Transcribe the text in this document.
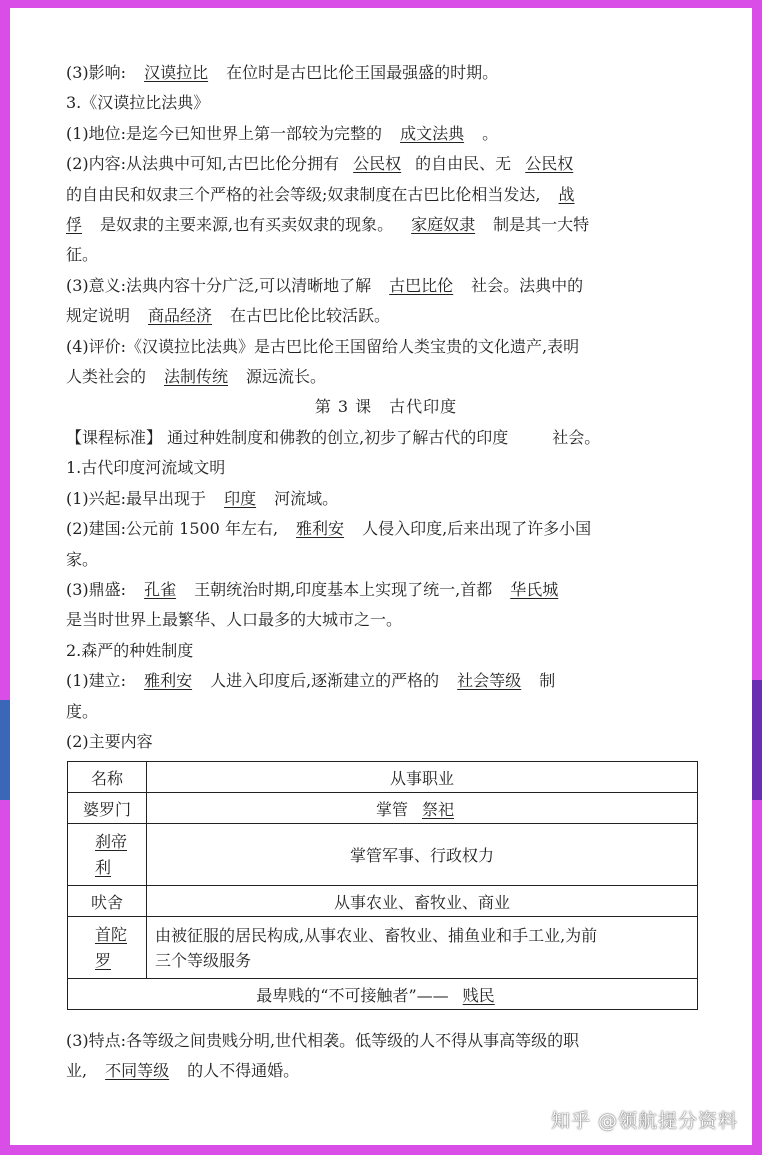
(3)影响: 汉谟拉比 在位时是古巴比伦王国最强盛的时期。
3.《汉谟拉比法典》
(1)地位:是迄今已知世界上第一部较为完整的 成文法典 。
(2)内容:从法典中可知,古巴比伦分拥有 公民权 的自由民、无 公民权
的自由民和奴隶三个严格的社会等级;奴隶制度在古巴比伦相当发达, 战
俘 是奴隶的主要来源,也有买卖奴隶的现象。 家庭奴隶 制是其一大特
征。
(3)意义:法典内容十分广泛,可以清晰地了解 古巴比伦 社会。法典中的
规定说明 商品经济 在古巴比伦比较活跃。
(4)评价:《汉谟拉比法典》是古巴比伦王国留给人类宝贵的文化遗产,表明
人类社会的 法制传统 源远流长。
第 3 课　古代印度
【课程标准】 通过种姓制度和佛教的创立,初步了解古代的印度	社会。
1.古代印度河流域文明
(1)兴起:最早出现于 印度 河流域。
(2)建国:公元前 1500 年左右, 雅利安 人侵入印度,后来出现了许多小国
家。
(3)鼎盛: 孔雀 王朝统治时期,印度基本上实现了统一,首都 华氏城
是当时世界上最繁华、人口最多的大城市之一。
2.森严的种姓制度
(1)建立: 雅利安 人进入印度后,逐渐建立的严格的 社会等级 制
度。
(2)主要内容
名称	从事职业
婆罗门	掌管 祭祀
刹帝
利	掌管军事、行政权力
吠舍	从事农业、畜牧业、商业
首陀
罗	由被征服的居民构成,从事农业、畜牧业、捕鱼业和手工业,为前
三个等级服务
最卑贱的“不可接触者”—— 贱民	
(3)特点:各等级之间贵贱分明,世代相袭。低等级的人不得从事高等级的职
业, 不同等级 的人不得通婚。
知乎 @领航提分资料
